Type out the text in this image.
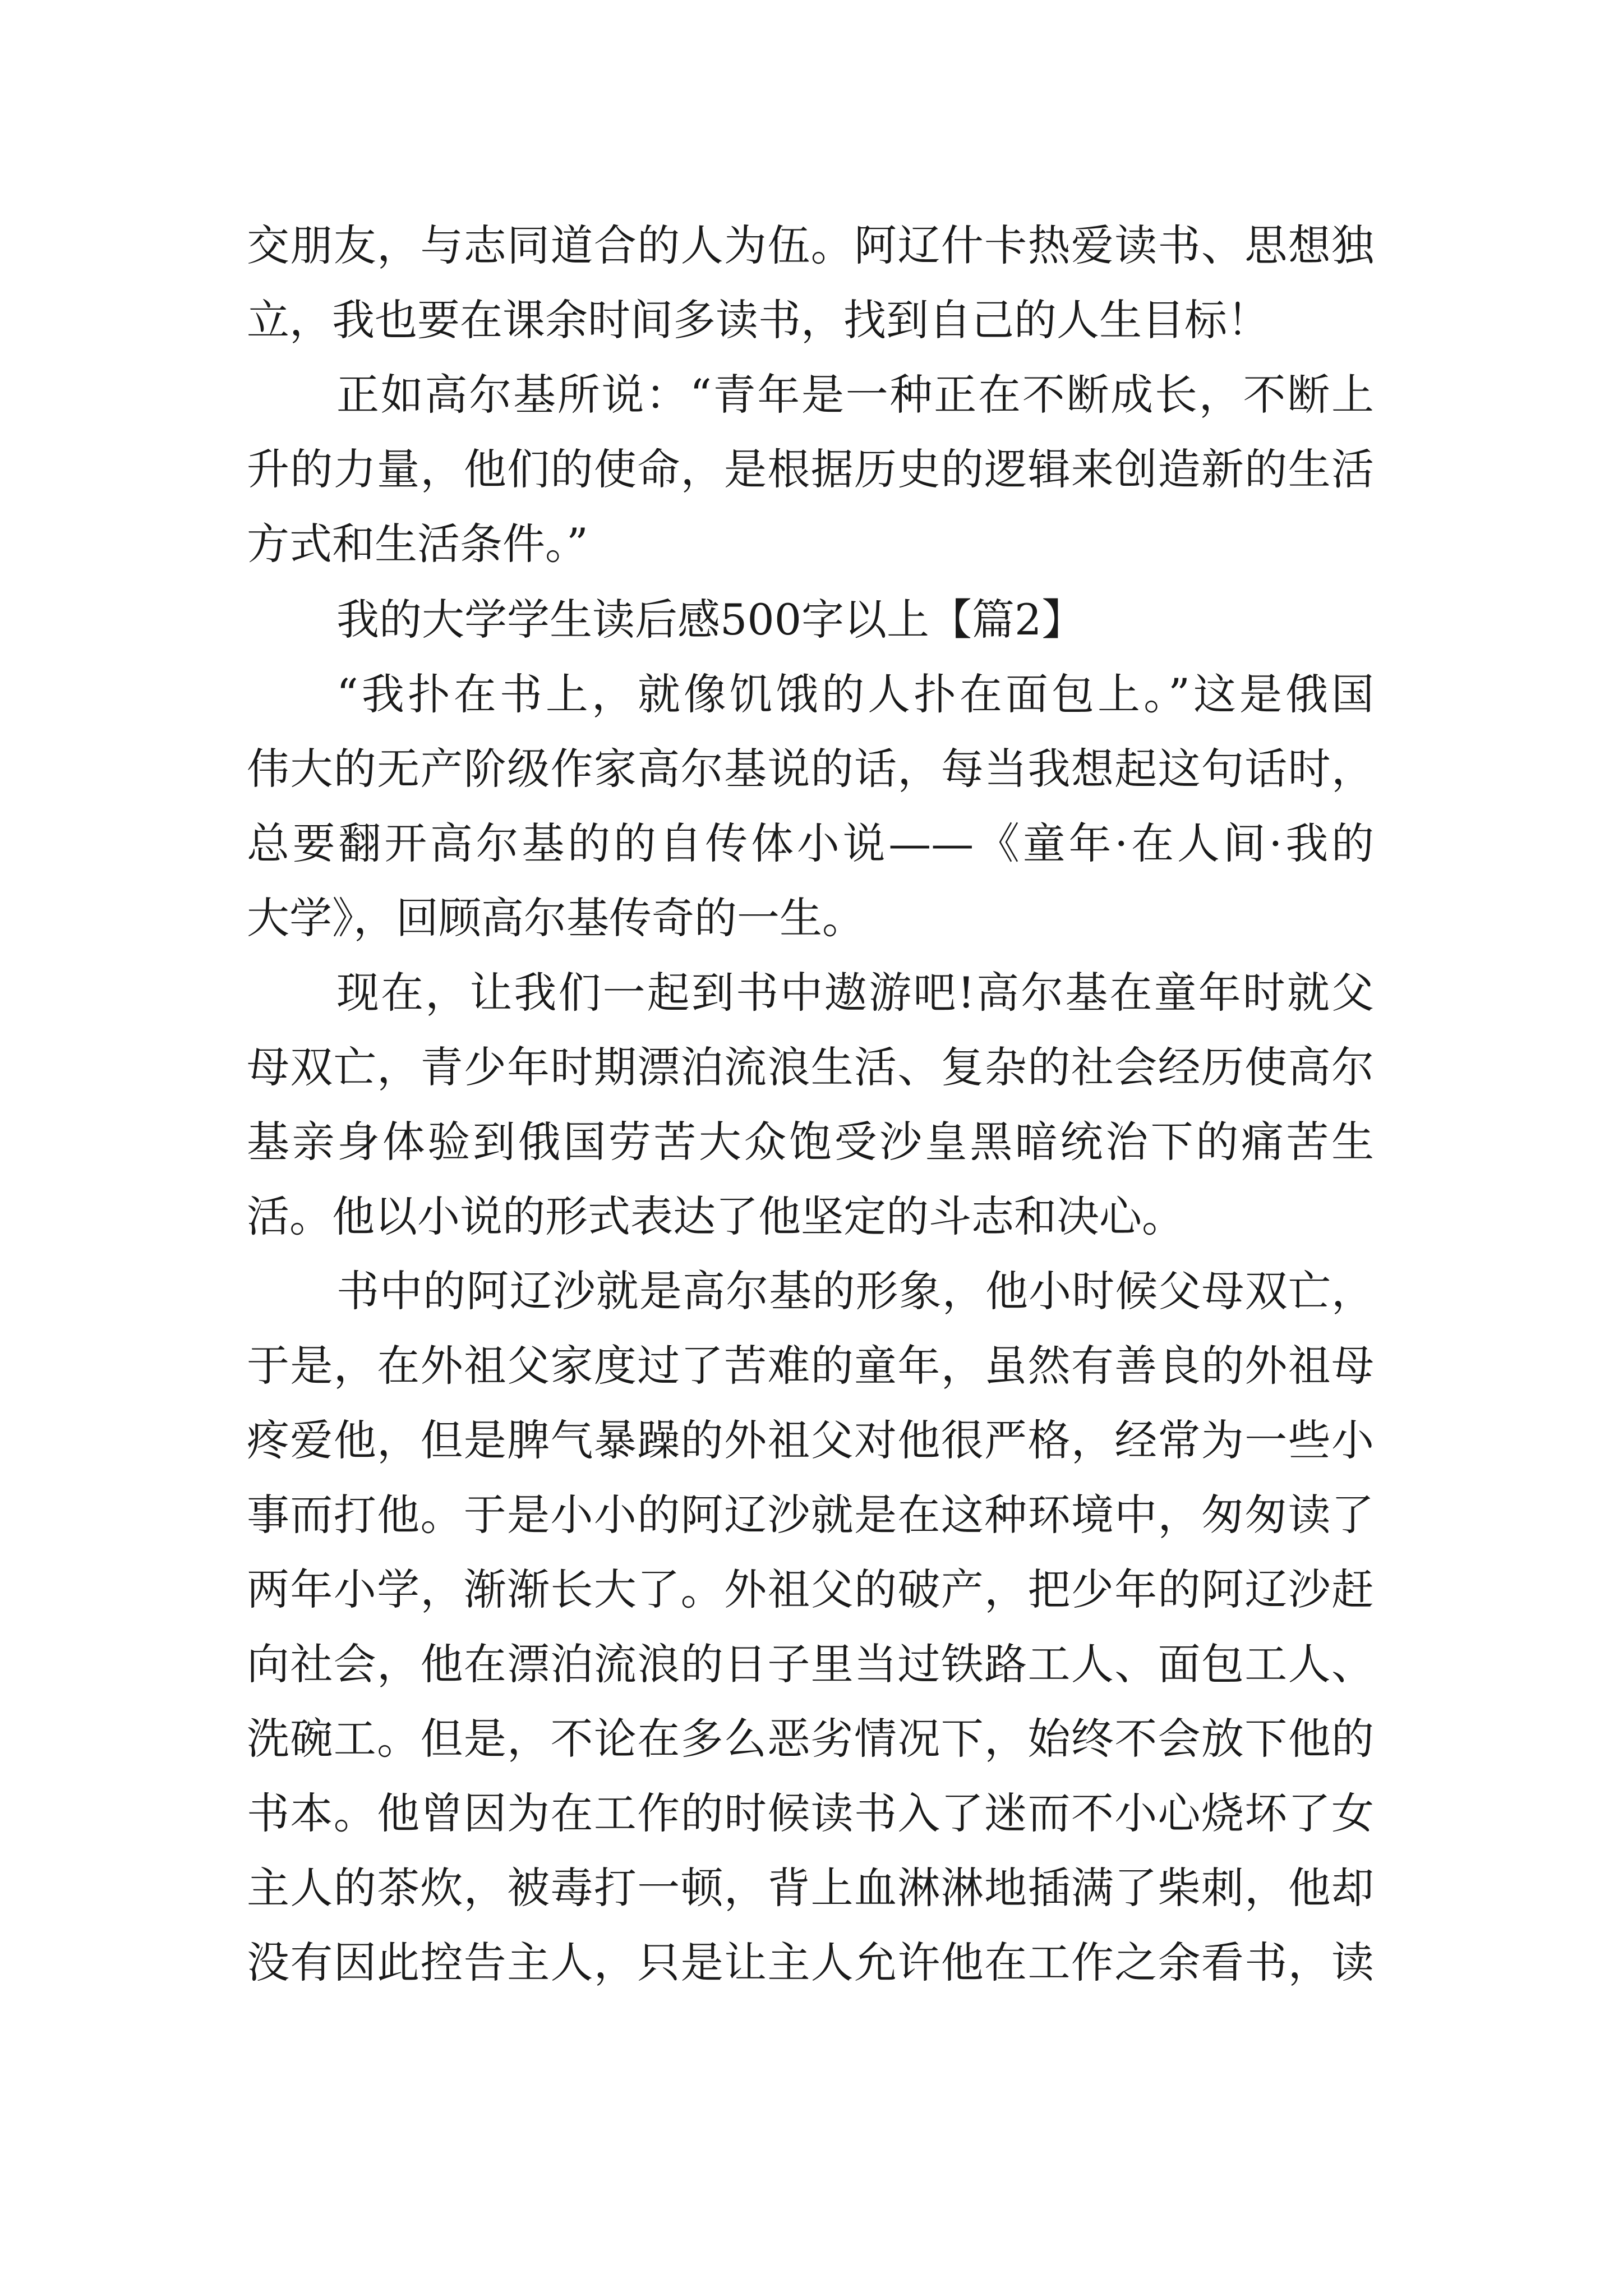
交朋友，与志同道合的人为伍。阿辽什卡热爱读书、思想独

立，我也要在课余时间多读书，找到自己的人生目标！

正如高尔基所说：“青年是一种正在不断成长，不断上

升的力量，他们的使命，是根据历史的逻辑来创造新的生活

方式和生活条件。”

我的大学学生读后感500字以上【篇2】

“我扑在书上，就像饥饿的人扑在面包上。”这是俄国

伟大的无产阶级作家高尔基说的话，每当我想起这句话时，

总要翻开高尔基的的自传体小说——《童年·在人间·我的

大学》，回顾高尔基传奇的一生。

现在，让我们一起到书中遨游吧!高尔基在童年时就父

母双亡，青少年时期漂泊流浪生活、复杂的社会经历使高尔

基亲身体验到俄国劳苦大众饱受沙皇黑暗统治下的痛苦生

活。他以小说的形式表达了他坚定的斗志和决心。

书中的阿辽沙就是高尔基的形象，他小时候父母双亡，

于是，在外祖父家度过了苦难的童年，虽然有善良的外祖母

疼爱他，但是脾气暴躁的外祖父对他很严格，经常为一些小

事而打他。于是小小的阿辽沙就是在这种环境中，匆匆读了

两年小学，渐渐长大了。外祖父的破产，把少年的阿辽沙赶

向社会，他在漂泊流浪的日子里当过铁路工人、面包工人、

洗碗工。但是，不论在多么恶劣情况下，始终不会放下他的

书本。他曾因为在工作的时候读书入了迷而不小心烧坏了女

主人的茶炊，被毒打一顿，背上血淋淋地插满了柴刺，他却

没有因此控告主人，只是让主人允许他在工作之余看书，读
